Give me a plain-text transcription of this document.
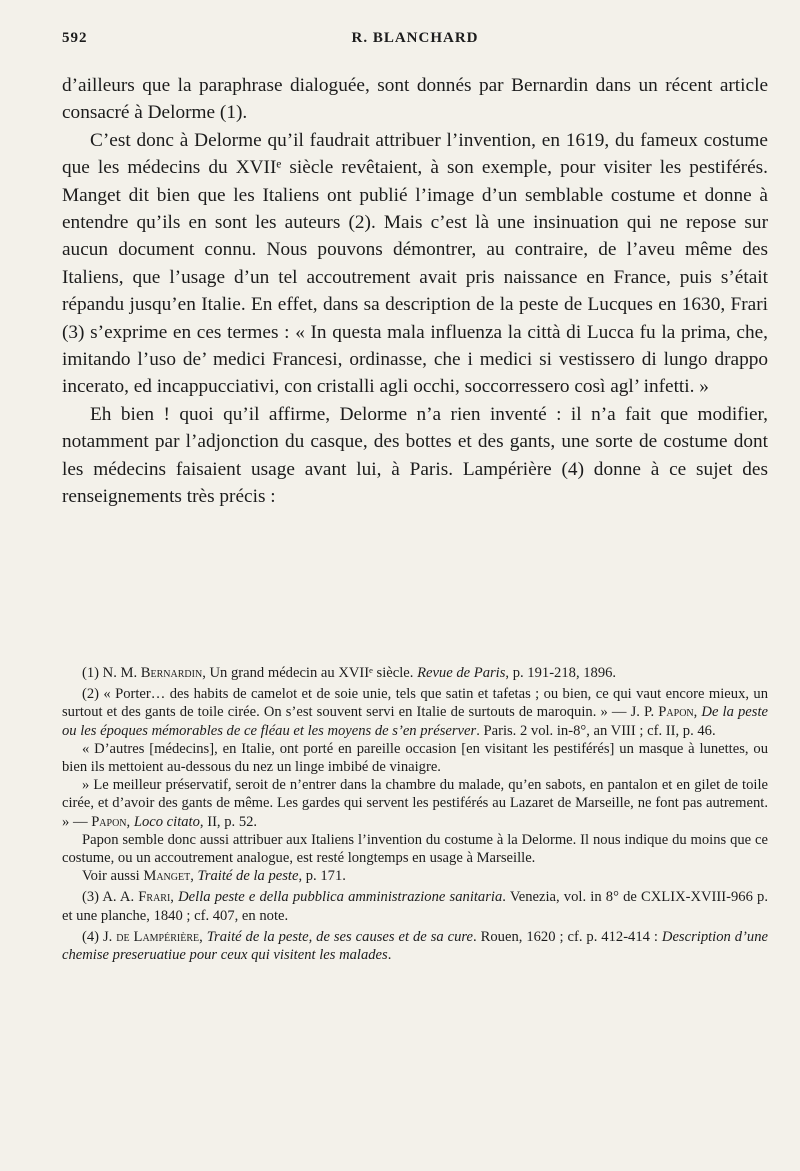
592	R. BLANCHARD

d’ailleurs que la paraphrase dialoguée, sont donnés par Bernardin dans un récent article consacré à Delorme (1).

C’est donc à Delorme qu’il faudrait attribuer l’invention, en 1619, du fameux costume que les médecins du XVIIᵉ siècle revêtaient, à son exemple, pour visiter les pestiférés. Manget dit bien que les Italiens ont publié l’image d’un semblable costume et donne à entendre qu’ils en sont les auteurs (2). Mais c’est là une insinuation qui ne repose sur aucun document connu. Nous pouvons démontrer, au contraire, de l’aveu même des Italiens, que l’usage d’un tel accoutrement avait pris naissance en France, puis s’était répandu jusqu’en Italie. En effet, dans sa description de la peste de Lucques en 1630, Frari (3) s’exprime en ces termes : « In questa mala influenza la città di Lucca fu la prima, che, imitando l’uso de’ medici Francesi, ordinasse, che i medici si vestissero di lungo drappo incerato, ed incappucciativi, con cristalli agli occhi, soccorressero così agl’ infetti. »

Eh bien ! quoi qu’il affirme, Delorme n’a rien inventé : il n’a fait que modifier, notamment par l’adjonction du casque, des bottes et des gants, une sorte de costume dont les médecins faisaient usage avant lui, à Paris. Lampérière (4) donne à ce sujet des renseignements très précis :

(1) N. M. Bernardin, Un grand médecin au XVIIᵉ siècle. Revue de Paris, p. 191-218, 1896.

(2) « Porter… des habits de camelot et de soie unie, tels que satin et tafetas ; ou bien, ce qui vaut encore mieux, un surtout et des gants de toile cirée. On s’est souvent servi en Italie de surtouts de maroquin. » — J. P. Papon, De la peste ou les époques mémorables de ce fléau et les moyens de s’en préserver. Paris. 2 vol. in-8°, an VIII ; cf. II, p. 46.

« D’autres [médecins], en Italie, ont porté en pareille occasion [en visitant les pestiférés] un masque à lunettes, ou bien ils mettoient au-dessous du nez un linge imbibé de vinaigre.

» Le meilleur préservatif, seroit de n’entrer dans la chambre du malade, qu’en sabots, en pantalon et en gilet de toile cirée, et d’avoir des gants de même. Les gardes qui servent les pestiférés au Lazaret de Marseille, ne font pas autrement. » — Papon, Loco citato, II, p. 52.

Papon semble donc aussi attribuer aux Italiens l’invention du costume à la Delorme. Il nous indique du moins que ce costume, ou un accoutrement analogue, est resté longtemps en usage à Marseille.

Voir aussi Manget, Traité de la peste, p. 171.

(3) A. A. Frari, Della peste e della pubblica amministrazione sanitaria. Venezia, vol. in 8° de CXLIX-XVIII-966 p. et une planche, 1840 ; cf. 407, en note.

(4) J. de Lampérière, Traité de la peste, de ses causes et de sa cure. Rouen, 1620 ; cf. p. 412-414 : Description d’une chemise preseruatiue pour ceux qui visitent les malades.
